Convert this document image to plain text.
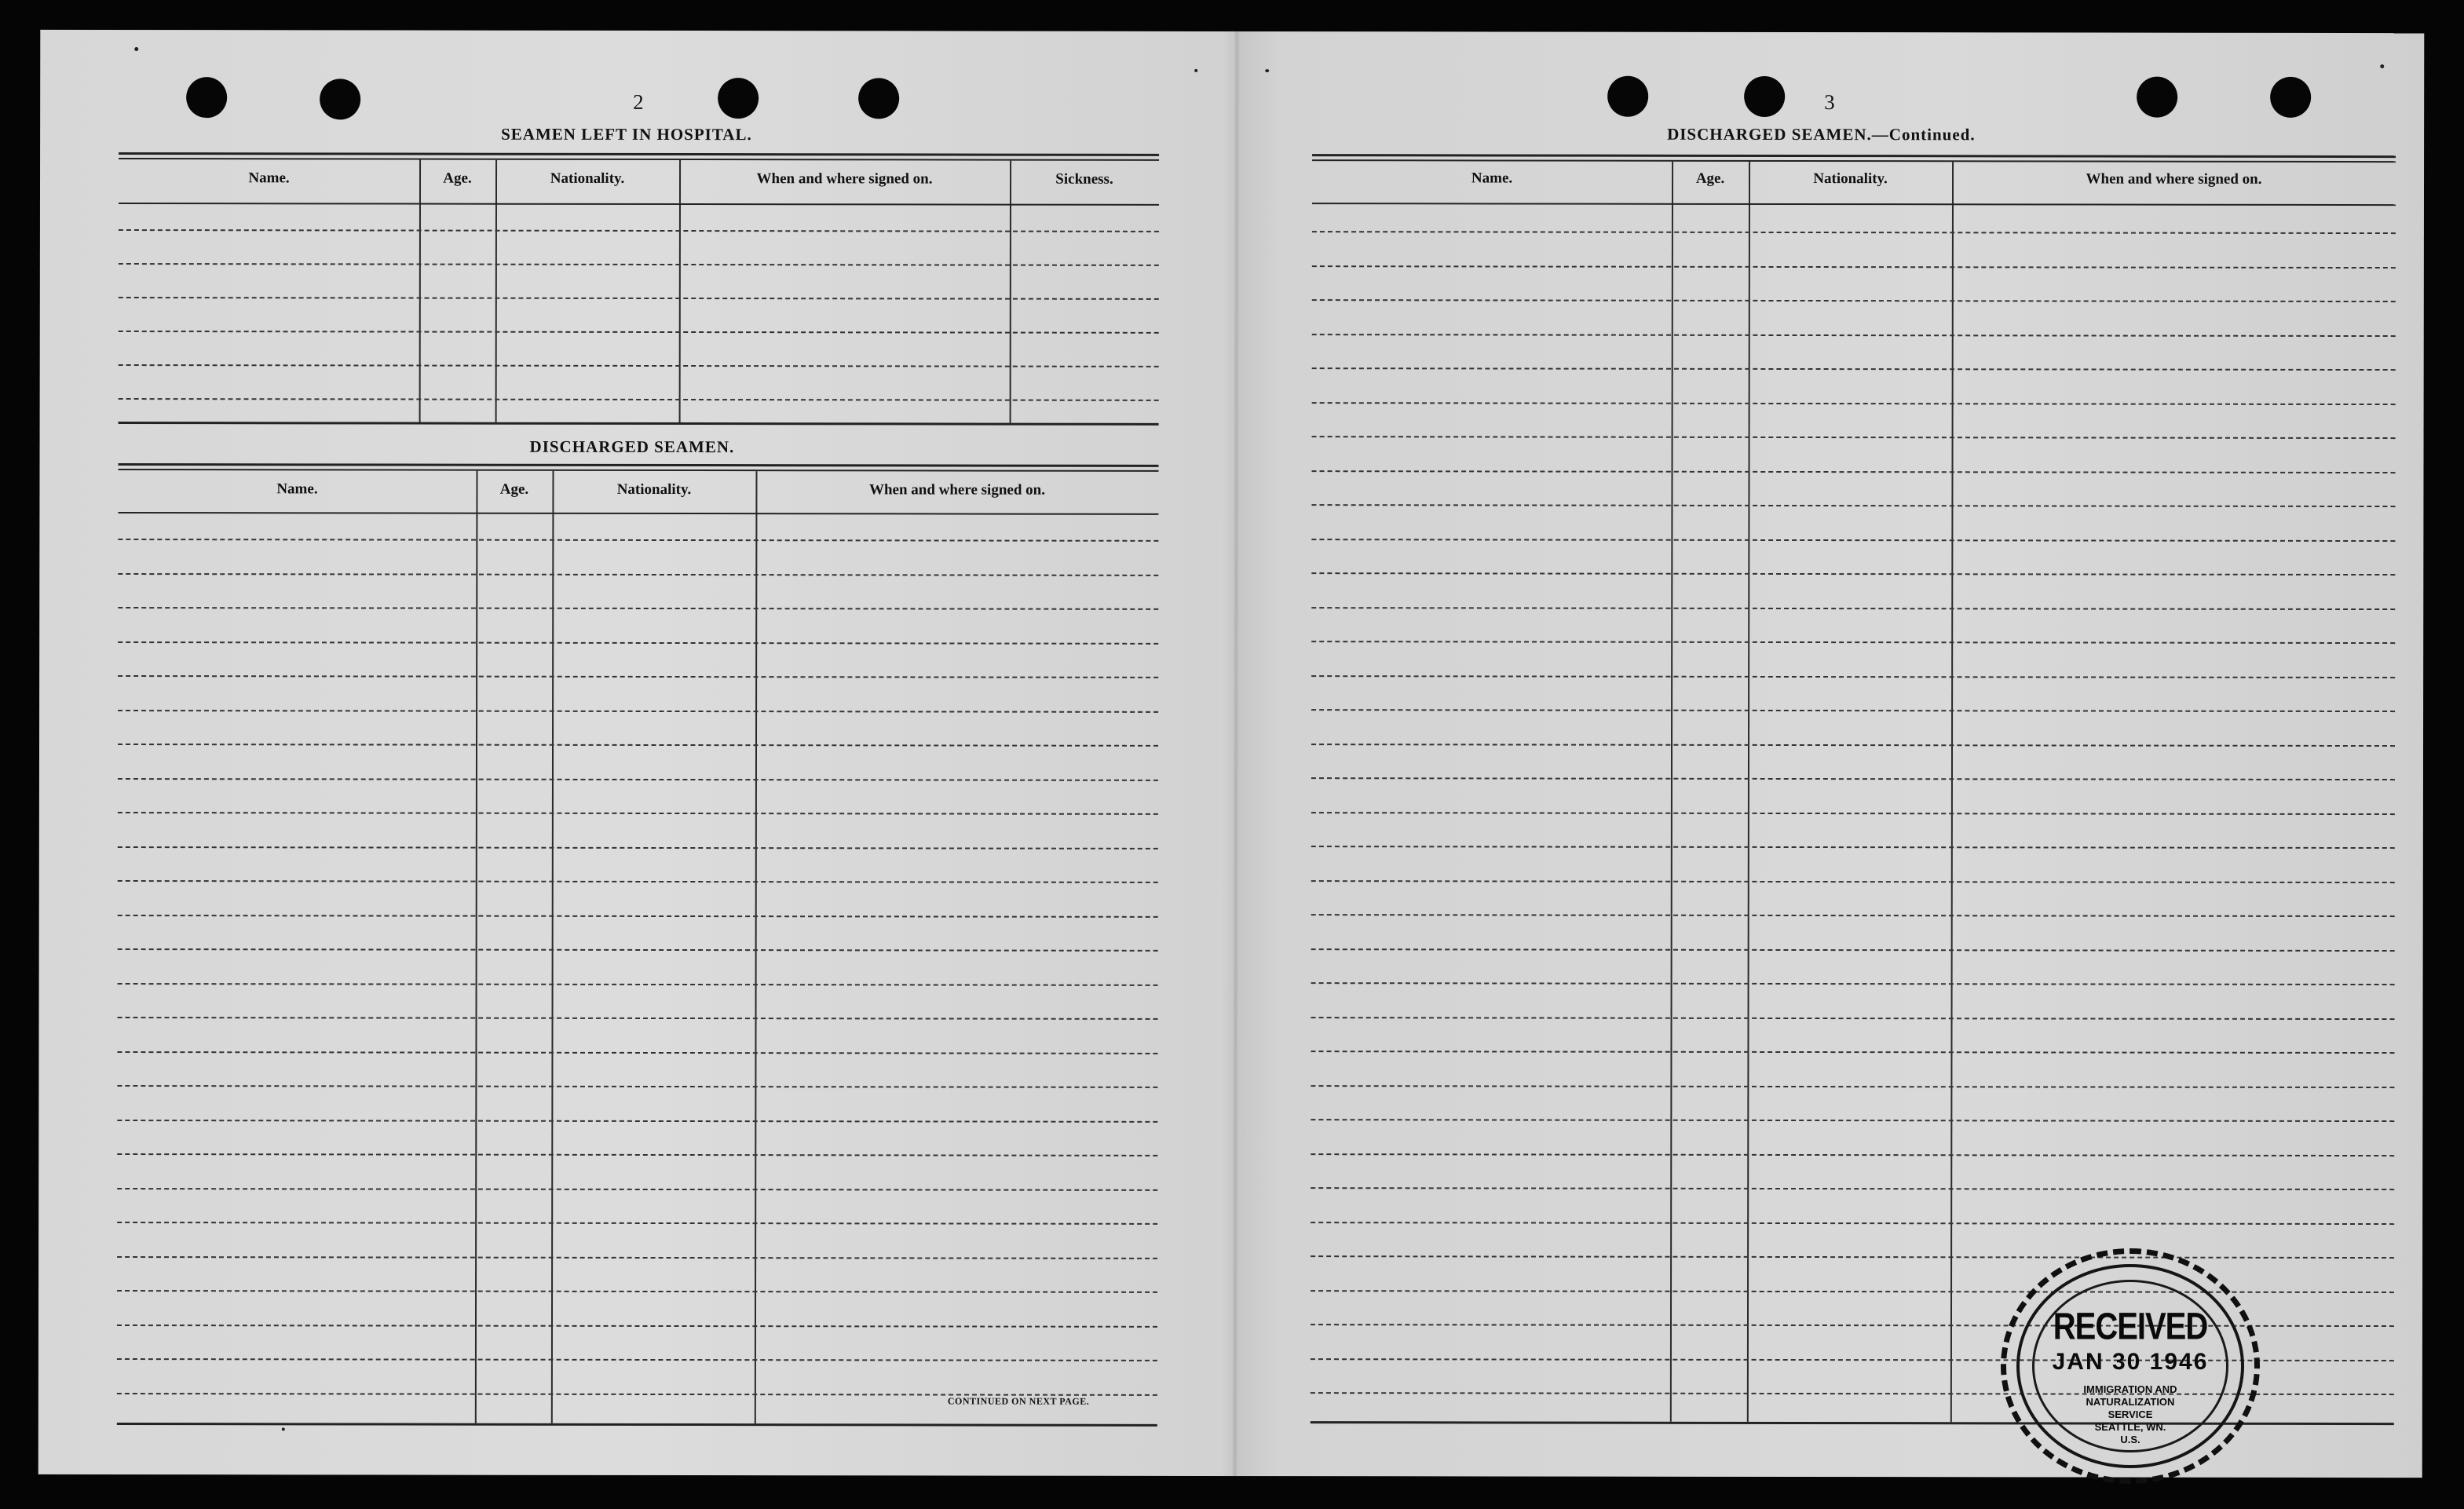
2
SEAMEN LEFT IN HOSPITAL.
Name.	Age.	Nationality.	When and where signed on.	Sickness.
DISCHARGED SEAMEN.
Name.	Age.	Nationality.	When and where signed on.
CONTINUED ON NEXT PAGE.
3
DISCHARGED SEAMEN.—Continued.
Name.	Age.	Nationality.	When and where signed on.
RECEIVED
JAN 30 1946
IMMIGRATION AND
NATURALIZATION
SERVICE
SEATTLE, WN.
U.S.
